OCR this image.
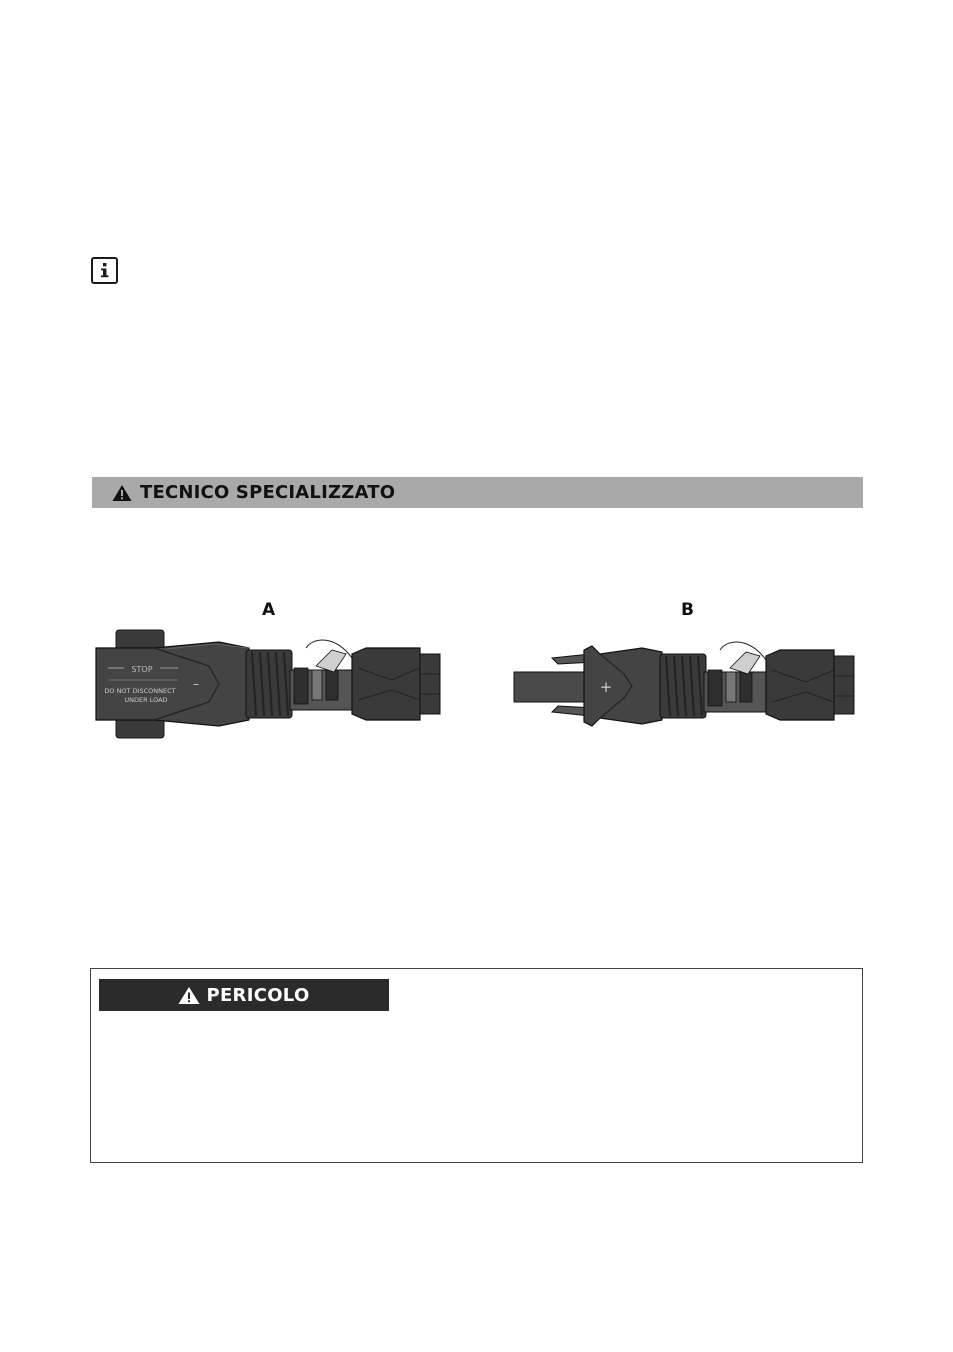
TECNICO SPECIALIZZATO
A	B
STOP
DO NOT DISCONNECT
UNDER LOAD
–	+
PERICOLO
